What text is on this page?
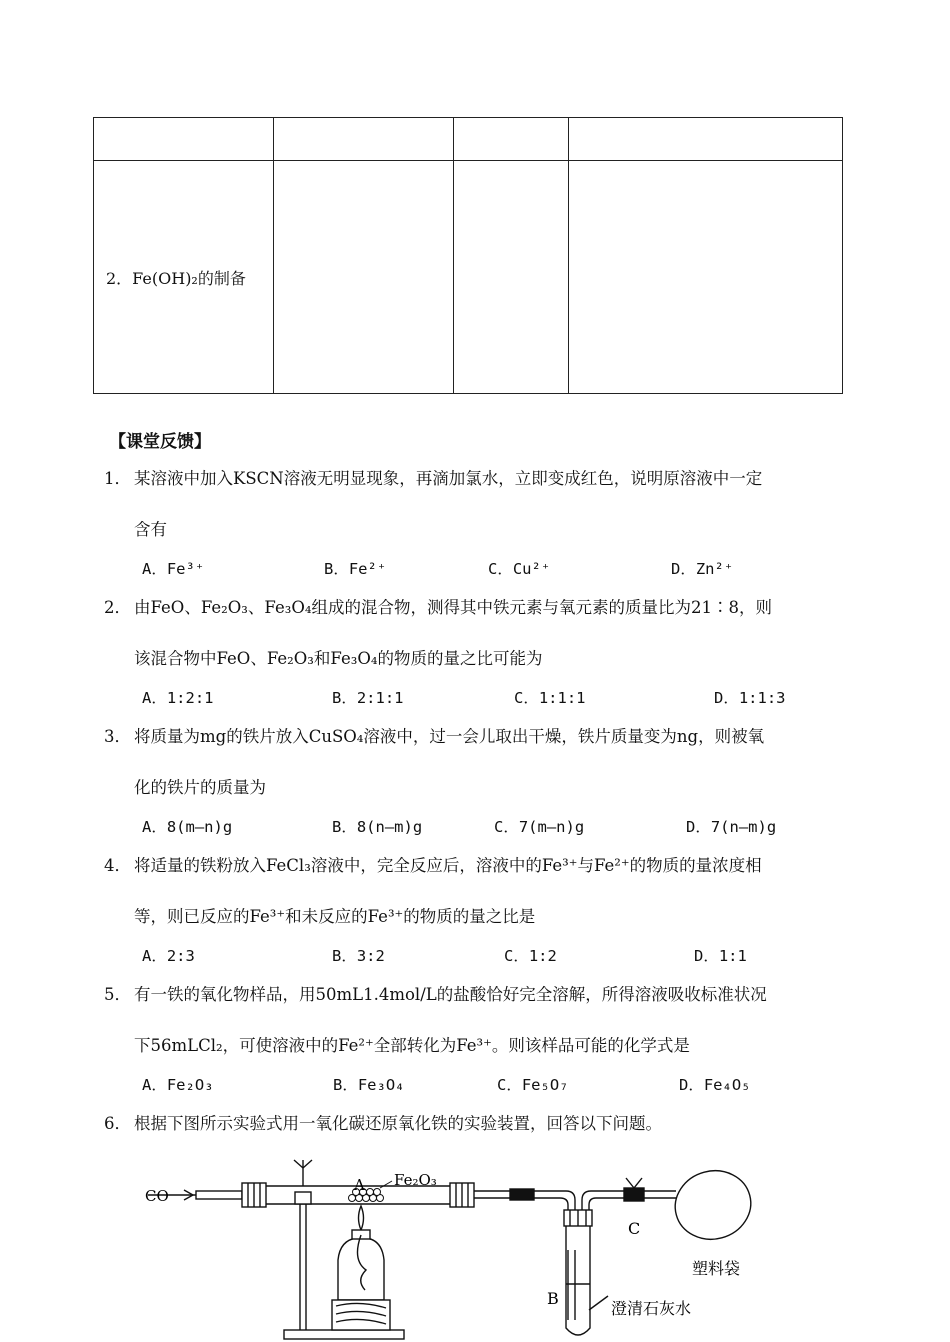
2．Fe(OH)₂的制备			
【课堂反馈】
1． 某溶液中加入KSCN溶液无明显现象，再滴加氯水，立即变成红色，说明原溶液中一定
含有
A．Fe³⁺	B．Fe²⁺	C．Cu²⁺	D．Zn²⁺
2． 由FeO、Fe₂O₃、Fe₃O₄组成的混合物，测得其中铁元素与氧元素的质量比为21∶8，则
该混合物中FeO、Fe₂O₃和Fe₃O₄的物质的量之比可能为
A．1:2:1	B．2:1:1	C．1:1:1	D．1:1:3
3． 将质量为mg的铁片放入CuSO₄溶液中，过一会儿取出干燥，铁片质量变为ng，则被氧
化的铁片的质量为
A．8(m—n)g	B．8(n—m)g	C．7(m—n)g	D．7(n—m)g
4． 将适量的铁粉放入FeCl₃溶液中，完全反应后，溶液中的Fe³⁺与Fe²⁺的物质的量浓度相
等，则已反应的Fe³⁺和未反应的Fe³⁺的物质的量之比是
A．2:3	B．3:2	C．1:2	D．1:1
5． 有一铁的氧化物样品，用50mL1.4mol/L的盐酸恰好完全溶解，所得溶液吸收标准状况
下56mLCl₂，可使溶液中的Fe²⁺全部转化为Fe³⁺。则该样品可能的化学式是
A．Fe₂O₃	B．Fe₃O₄	C．Fe₅O₇	D．Fe₄O₅
6． 根据下图所示实验式用一氧化碳还原氧化铁的实验装置，回答以下问题。
CO
A Fe₂O₃
B
C
塑料袋
澄清石灰水
